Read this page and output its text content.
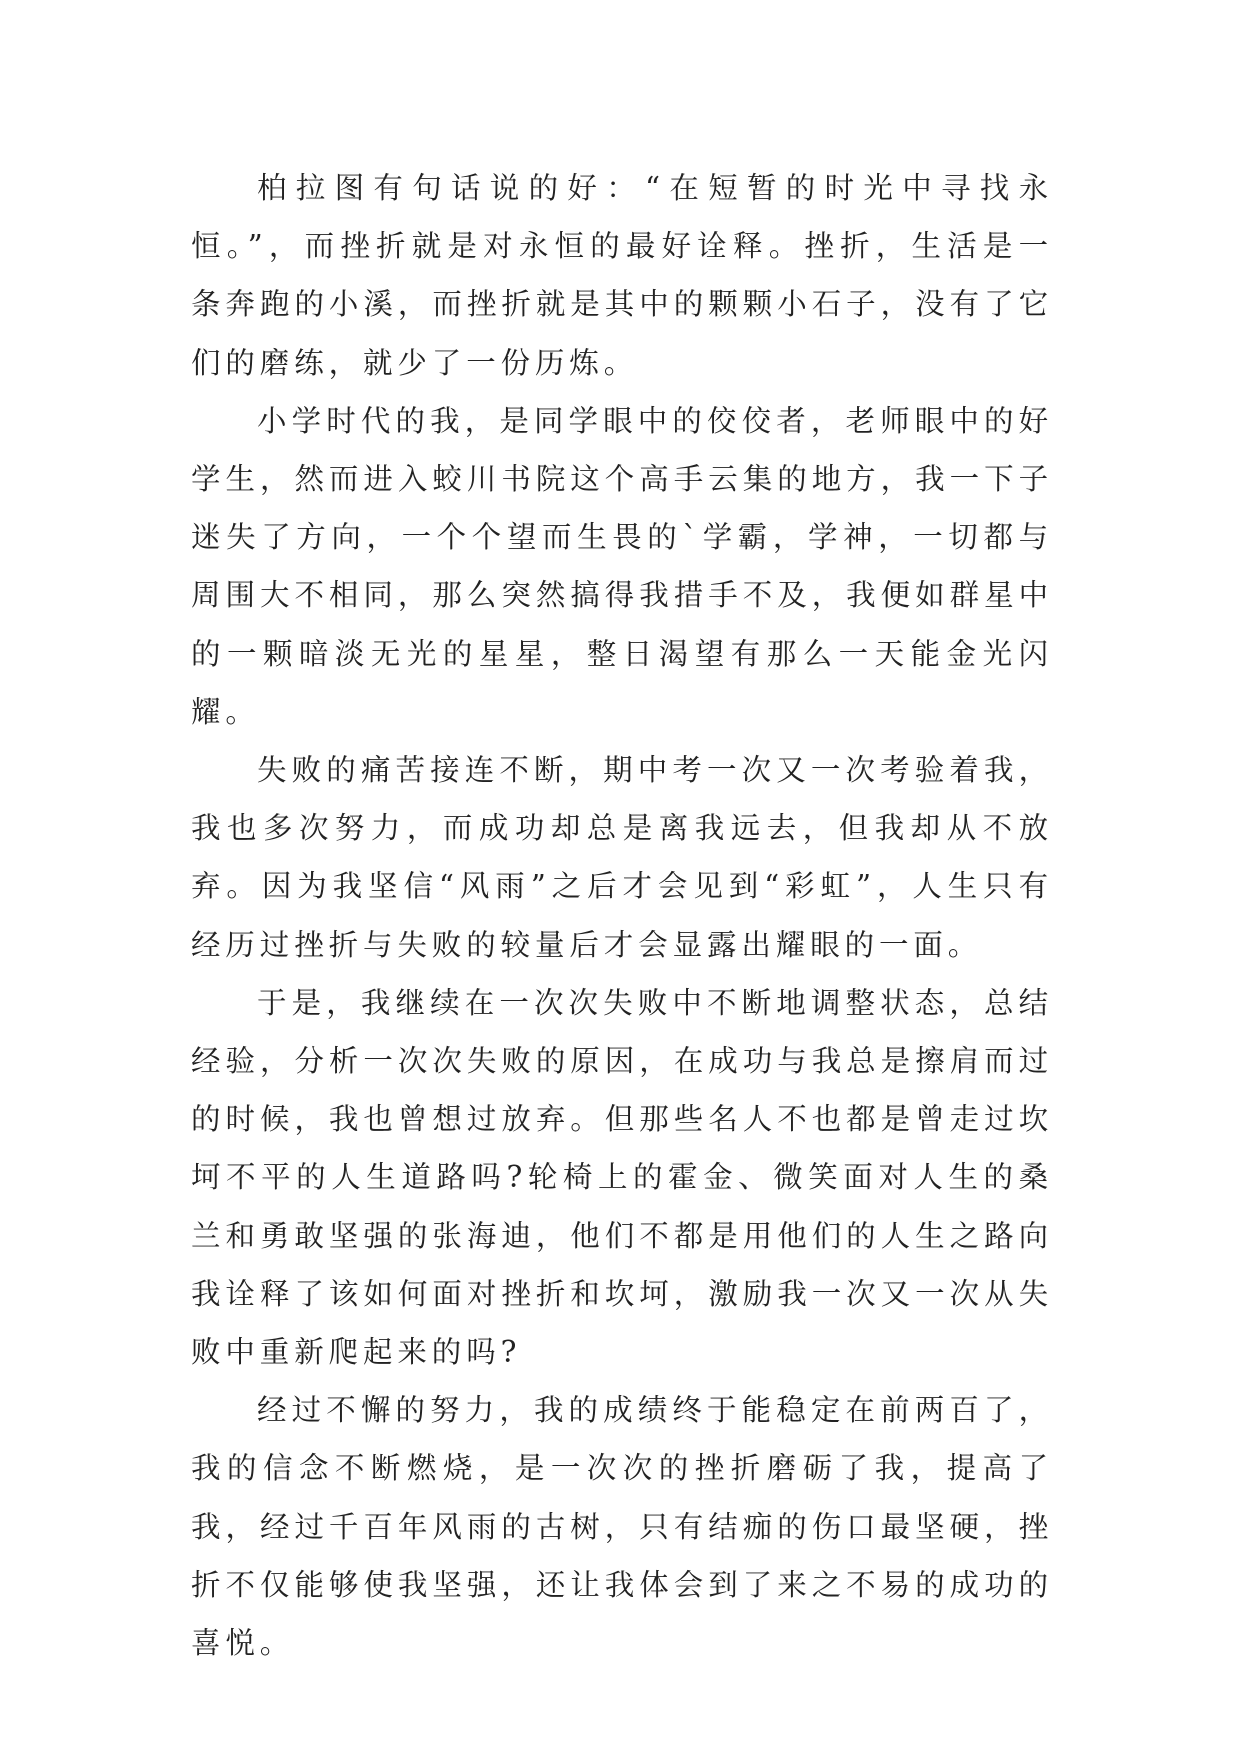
柏拉图有句话说的好：“在短暂的时光中寻找永恒。”，而挫折就是对永恒的最好诠释。挫折，生活是一条奔跑的小溪，而挫折就是其中的颗颗小石子，没有了它们的磨练，就少了一份历炼。

小学时代的我，是同学眼中的佼佼者，老师眼中的好学生，然而进入蛟川书院这个高手云集的地方，我一下子迷失了方向，一个个望而生畏的`学霸，学神，一切都与周围大不相同，那么突然搞得我措手不及，我便如群星中的一颗暗淡无光的星星，整日渴望有那么一天能金光闪耀。

失败的痛苦接连不断，期中考一次又一次考验着我，我也多次努力，而成功却总是离我远去，但我却从不放弃。因为我坚信“风雨”之后才会见到“彩虹”，人生只有经历过挫折与失败的较量后才会显露出耀眼的一面。

于是，我继续在一次次失败中不断地调整状态，总结经验，分析一次次失败的原因，在成功与我总是擦肩而过的时候，我也曾想过放弃。但那些名人不也都是曾走过坎坷不平的人生道路吗?轮椅上的霍金、微笑面对人生的桑兰和勇敢坚强的张海迪，他们不都是用他们的人生之路向我诠释了该如何面对挫折和坎坷，激励我一次又一次从失败中重新爬起来的吗?

经过不懈的努力，我的成绩终于能稳定在前两百了，我的信念不断燃烧，是一次次的挫折磨砺了我，提高了我，经过千百年风雨的古树，只有结痂的伤口最坚硬，挫折不仅能够使我坚强，还让我体会到了来之不易的成功的喜悦。
